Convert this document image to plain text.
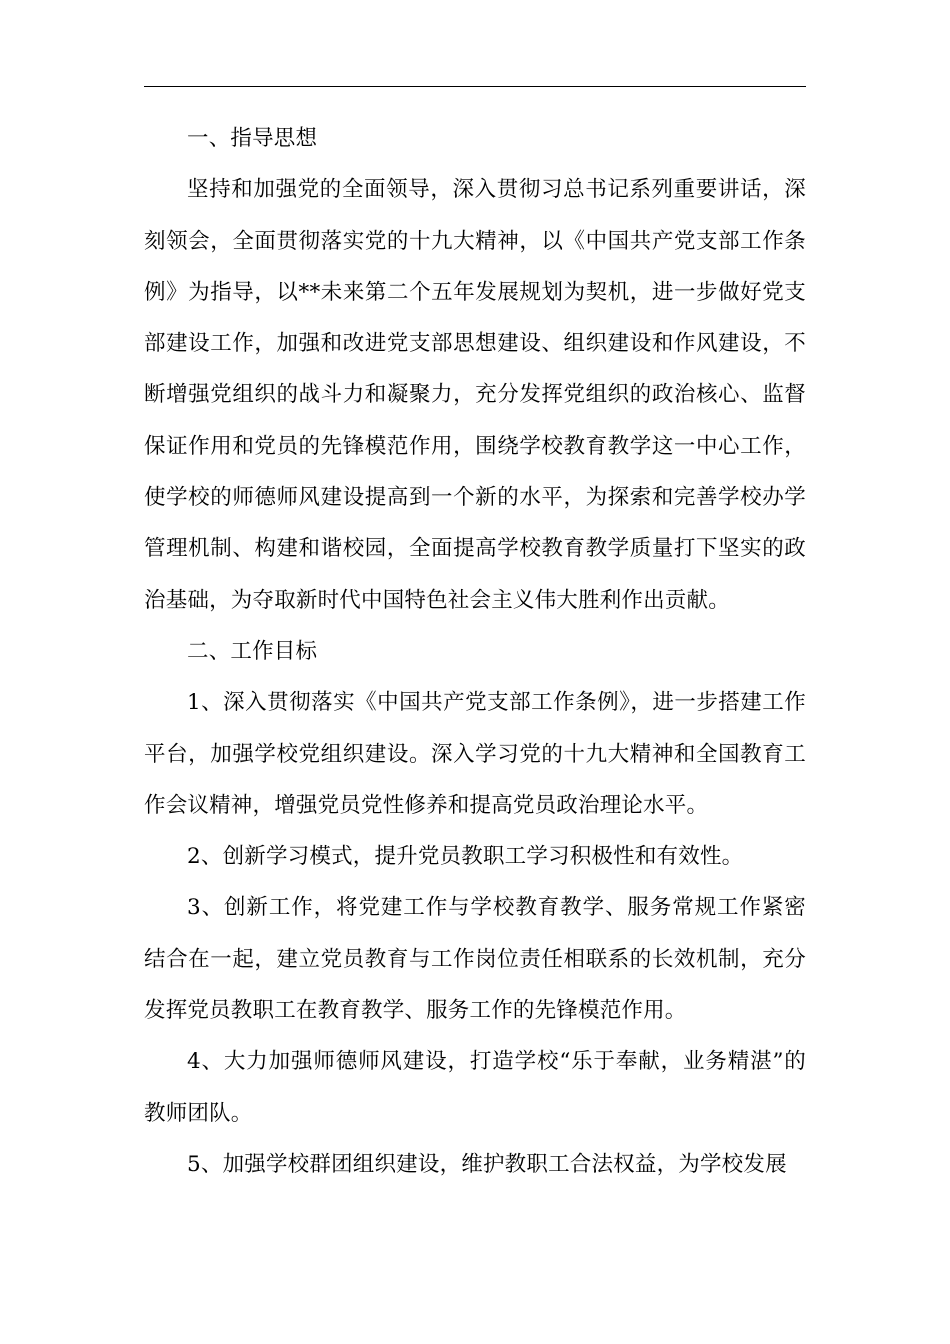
一、指导思想

坚持和加强党的全面领导，深入贯彻习总书记系列重要讲话，深刻领会，全面贯彻落实党的十九大精神，以《中国共产党支部工作条例》为指导，以**未来第二个五年发展规划为契机，进一步做好党支部建设工作，加强和改进党支部思想建设、组织建设和作风建设，不断增强党组织的战斗力和凝聚力，充分发挥党组织的政治核心、监督保证作用和党员的先锋模范作用，围绕学校教育教学这一中心工作，使学校的师德师风建设提高到一个新的水平，为探索和完善学校办学管理机制、构建和谐校园，全面提高学校教育教学质量打下坚实的政治基础，为夺取新时代中国特色社会主义伟大胜利作出贡献。

二、工作目标

1、深入贯彻落实《中国共产党支部工作条例》，进一步搭建工作平台，加强学校党组织建设。深入学习党的十九大精神和全国教育工作会议精神，增强党员党性修养和提高党员政治理论水平。

2、创新学习模式，提升党员教职工学习积极性和有效性。

3、创新工作，将党建工作与学校教育教学、服务常规工作紧密结合在一起，建立党员教育与工作岗位责任相联系的长效机制，充分发挥党员教职工在教育教学、服务工作的先锋模范作用。

4、大力加强师德师风建设，打造学校“乐于奉献，业务精湛”的教师团队。

5、加强学校群团组织建设，维护教职工合法权益，为学校发展
